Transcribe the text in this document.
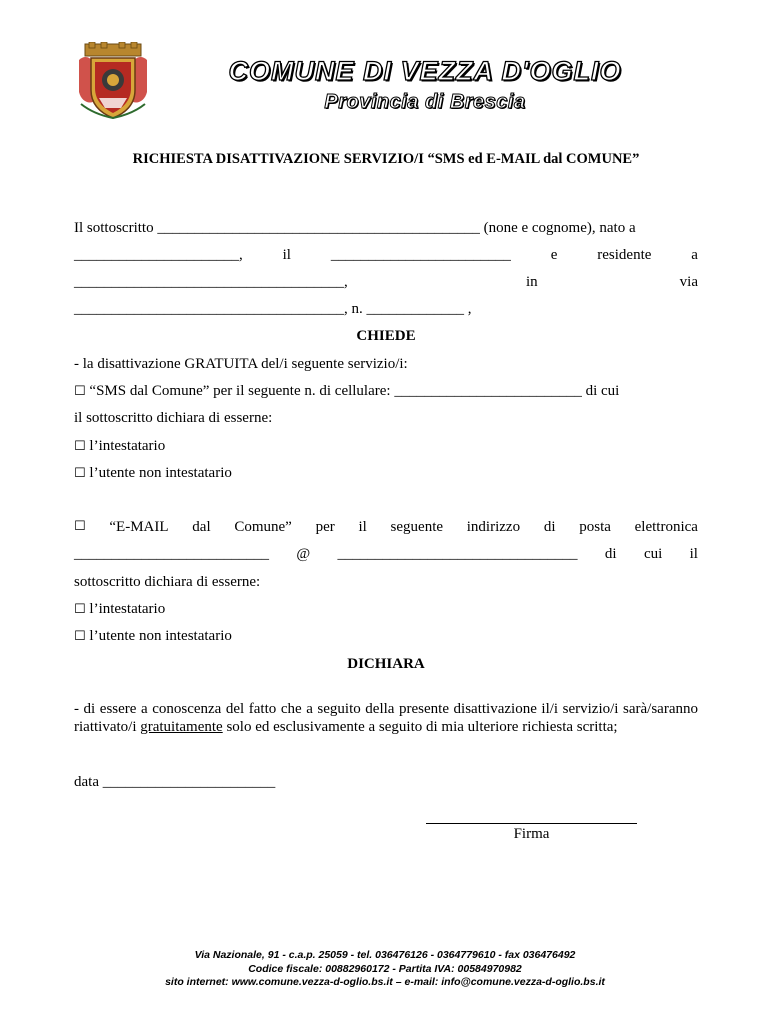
COMUNE DI VEZZA D'OGLIO
Provincia di Brescia
RICHIESTA DISATTIVAZIONE SERVIZIO/I “SMS ed E-MAIL dal COMUNE”
Il sottoscritto ___________________________________________ (none e cognome), nato a
______________________,	il	________________________	e	residente	a
____________________________________,	in	via
____________________________________, n. _____________ ,
CHIEDE
- la disattivazione GRATUITA del/i seguente servizio/i:
☐ “SMS dal Comune” per il seguente n. di cellulare: _________________________ di cui
il sottoscritto dichiara di esserne:
☐ l’intestatario
☐ l’utente non intestatario
☐ “E-MAIL dal Comune” per il seguente indirizzo di posta elettronica
__________________________ @ ________________________________ di cui il
sottoscritto dichiara di esserne:
☐ l’intestatario
☐ l’utente non intestatario
DICHIARA
- di essere a conoscenza del fatto che a seguito della presente disattivazione il/i servizio/i sarà/saranno riattivato/i gratuitamente solo ed esclusivamente a seguito di mia ulteriore richiesta scritta;
data _______________________
Firma
Via Nazionale, 91 - c.a.p. 25059 - tel. 036476126 - 0364779610 - fax 036476492
Codice fiscale: 00882960172 - Partita IVA: 00584970982
sito internet: www.comune.vezza-d-oglio.bs.it – e-mail: info@comune.vezza-d-oglio.bs.it
